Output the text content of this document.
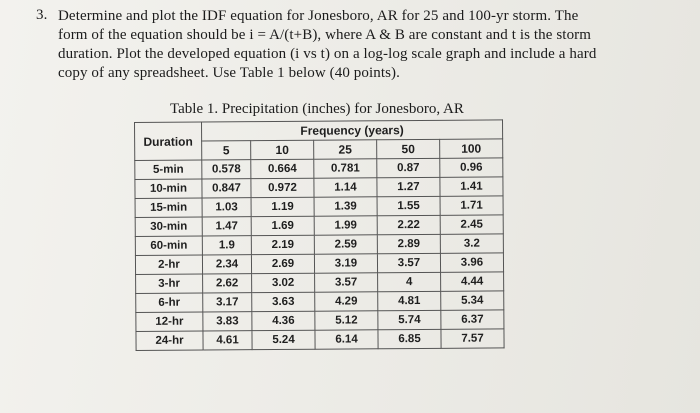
3. Determine and plot the IDF equation for Jonesboro, AR for 25 and 100-yr storm. The
form of the equation should be i = A/(t+B), where A & B are constant and t is the storm
duration. Plot the developed equation (i vs t) on a log-log scale graph and include a hard
copy of any spreadsheet. Use Table 1 below (40 points).
Table 1. Precipitation (inches) for Jonesboro, AR
Duration	Frequency (years)				
	5	10	25	50	100
5-min	0.578	0.664	0.781	0.87	0.96
10-min	0.847	0.972	1.14	1.27	1.41
15-min	1.03	1.19	1.39	1.55	1.71
30-min	1.47	1.69	1.99	2.22	2.45
60-min	1.9	2.19	2.59	2.89	3.2
2-hr	2.34	2.69	3.19	3.57	3.96
3-hr	2.62	3.02	3.57	4	4.44
6-hr	3.17	3.63	4.29	4.81	5.34
12-hr	3.83	4.36	5.12	5.74	6.37
24-hr	4.61	5.24	6.14	6.85	7.57
